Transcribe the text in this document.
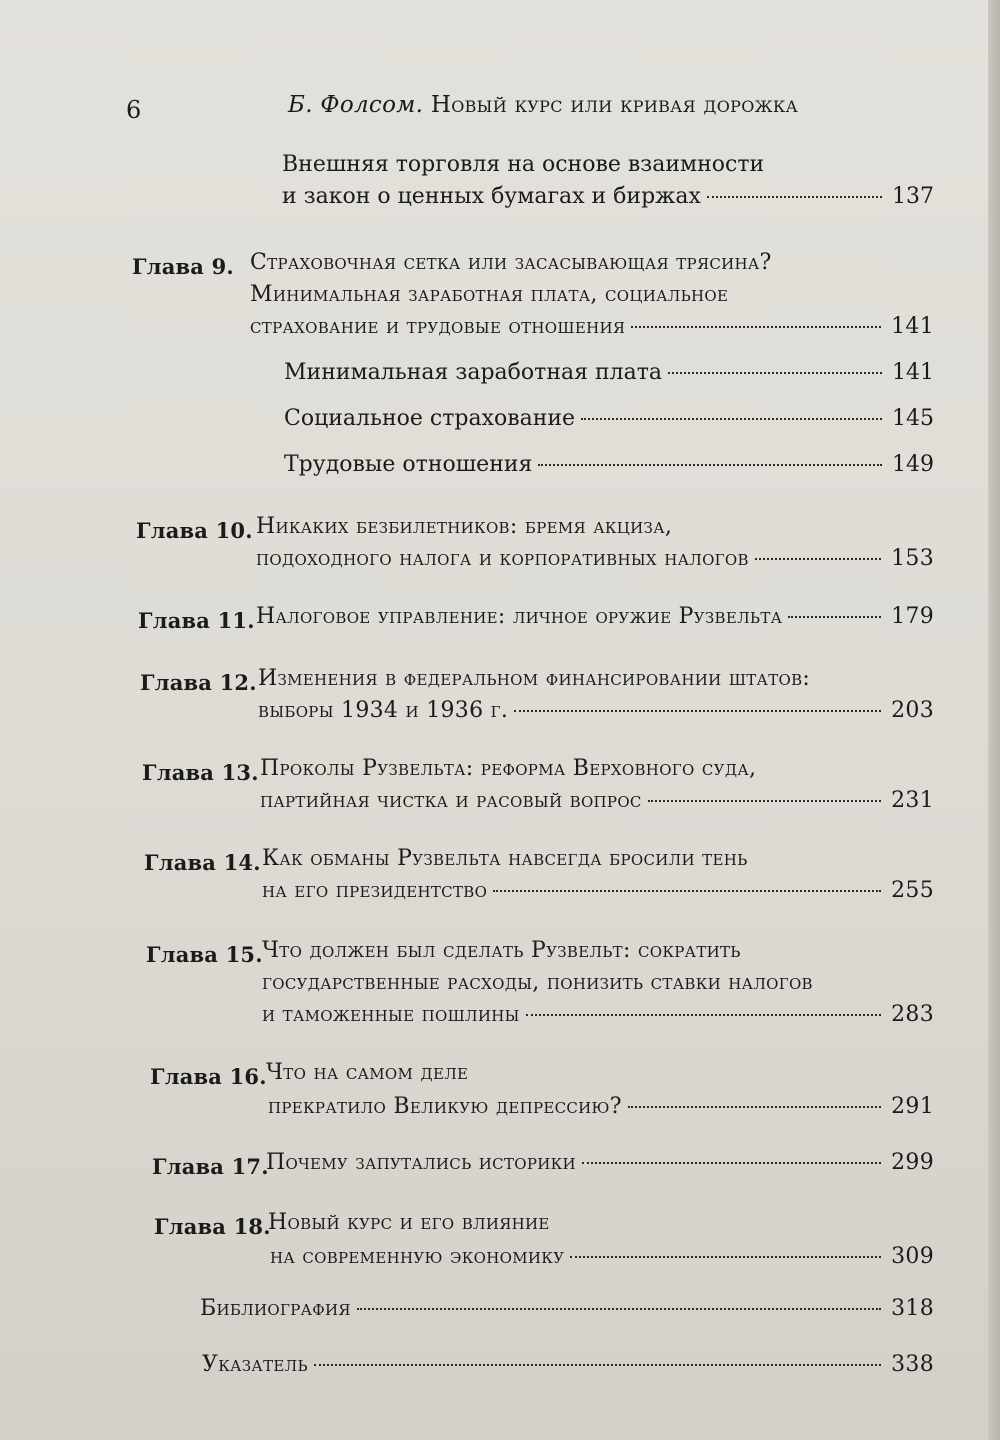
6	Б. Фолсом. Новый курс или кривая дорожка
Внешняя торговля на основе взаимности
и закон о ценных бумагах и биржах	137
Глава 9. Страховочная сетка или засасывающая трясина?
Минимальная заработная плата, социальное
страхование и трудовые отношения	141
Минимальная заработная плата	141
Социальное страхование	145
Трудовые отношения	149
Глава 10. Никаких безбилетников: бремя акциза,
подоходного налога и корпоративных налогов	153
Глава 11. Налоговое управление: личное оружие Рузвельта	179
Глава 12. Изменения в федеральном финансировании штатов:
выборы 1934 и 1936 г.	203
Глава 13. Проколы Рузвельта: реформа Верховного суда,
партийная чистка и расовый вопрос	231
Глава 14. Как обманы Рузвельта навсегда бросили тень
на его президентство	255
Глава 15. Что должен был сделать Рузвельт: сократить
государственные расходы, понизить ставки налогов
и таможенные пошлины	283
Глава 16. Что на самом деле
прекратило Великую депрессию?	291
Глава 17.
Почему запутались историки	299
Глава 18.
Новый курс и его влияние
на современную экономику	309
Библиография	318
Указатель	338
